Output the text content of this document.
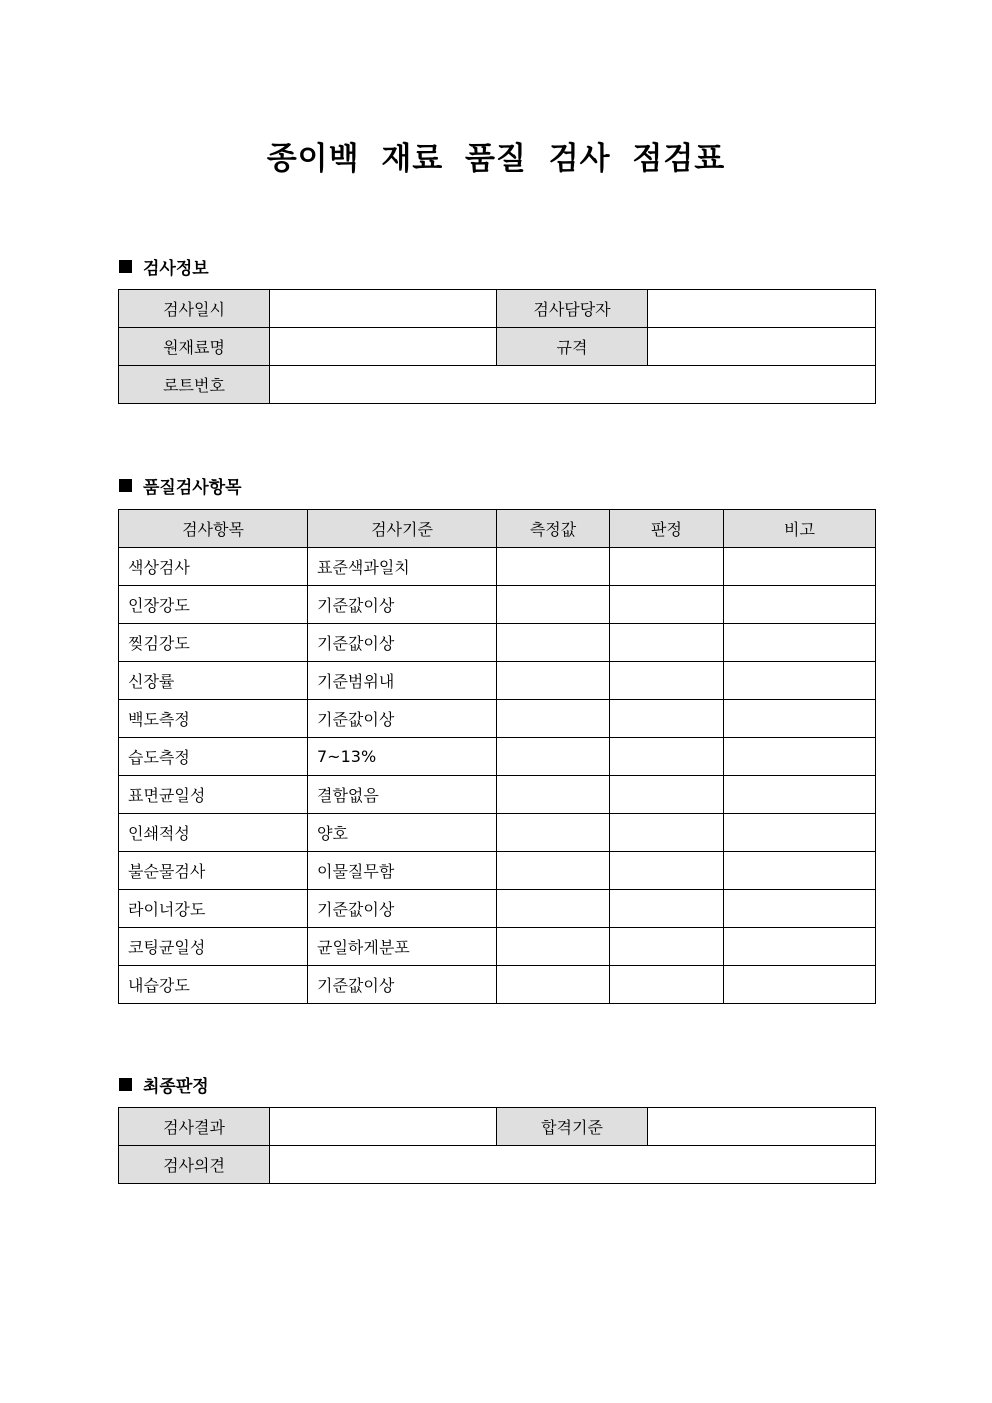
종이백 재료 품질 검사 점검표
검사정보
검사일시		검사담당자	
원재료명		규격	
로트번호			
품질검사항목
검사항목	검사기준	측정값	판정	비고
색상검사	표준색과일치			
인장강도	기준값이상			
찢김강도	기준값이상			
신장률	기준범위내			
백도측정	기준값이상			
습도측정	7~13%			
표면균일성	결함없음			
인쇄적성	양호			
불순물검사	이물질무함			
라이너강도	기준값이상			
코팅균일성	균일하게분포			
내습강도	기준값이상			
최종판정
검사결과		합격기준	
검사의견			
